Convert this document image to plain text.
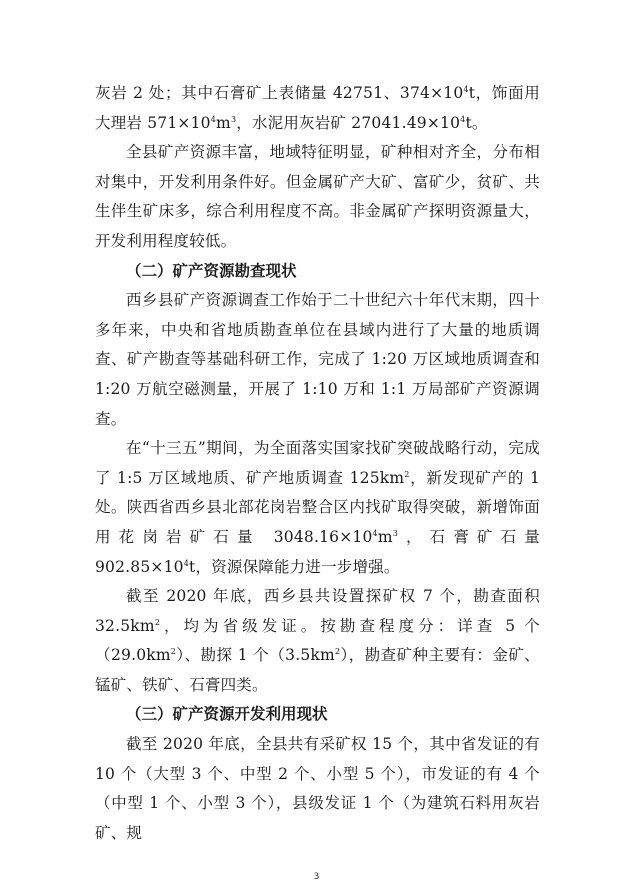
灰岩 2 处；其中石膏矿上表储量 42751、$374\times 10^4t$，饰面用大理岩 $571\times 10^4m^3$，水泥用灰岩矿 $27041.49\times 10^4t$。

全县矿产资源丰富，地域特征明显，矿种相对齐全，分布相对集中，开发利用条件好。但金属矿产大矿、富矿少，贫矿、共生伴生矿床多，综合利用程度不高。非金属矿产探明资源量大，开发利用程度较低。

（二）矿产资源勘查现状

西乡县矿产资源调查工作始于二十世纪六十年代末期，四十多年来，中央和省地质勘查单位在县域内进行了大量的地质调查、矿产勘查等基础科研工作，完成了 1:20 万区域地质调查和 1:20 万航空磁测量，开展了 1:10 万和 1:1 万局部矿产资源调查。

在“十三五”期间，为全面落实国家找矿突破战略行动，完成了 1:5 万区域地质、矿产地质调查 $125km^2$，新发现矿产的 1 处。陕西省西乡县北部花岗岩整合区内找矿取得突破，新增饰面用花岗岩矿石量 $3048.16\times 10^4m^3$，石膏矿石量 $902.85\times 10^4t$，资源保障能力进一步增强。

截至 2020 年底，西乡县共设置探矿权 7 个，勘查面积 $32.5km^2$，均为省级发证。按勘查程度分：详查 5 个$(29.0km^2)$、勘探 1 个$(3.5km^2)$，勘查矿种主要有：金矿、锰矿、铁矿、石膏四类。

（三）矿产资源开发利用现状

截至 2020 年底，全县共有采矿权 15 个，其中省发证的有 10 个（大型 3 个、中型 2 个、小型 5 个），市发证的有 4 个（中型 1 个、小型 3 个），县级发证 1 个（为建筑石料用灰岩矿、规

3
